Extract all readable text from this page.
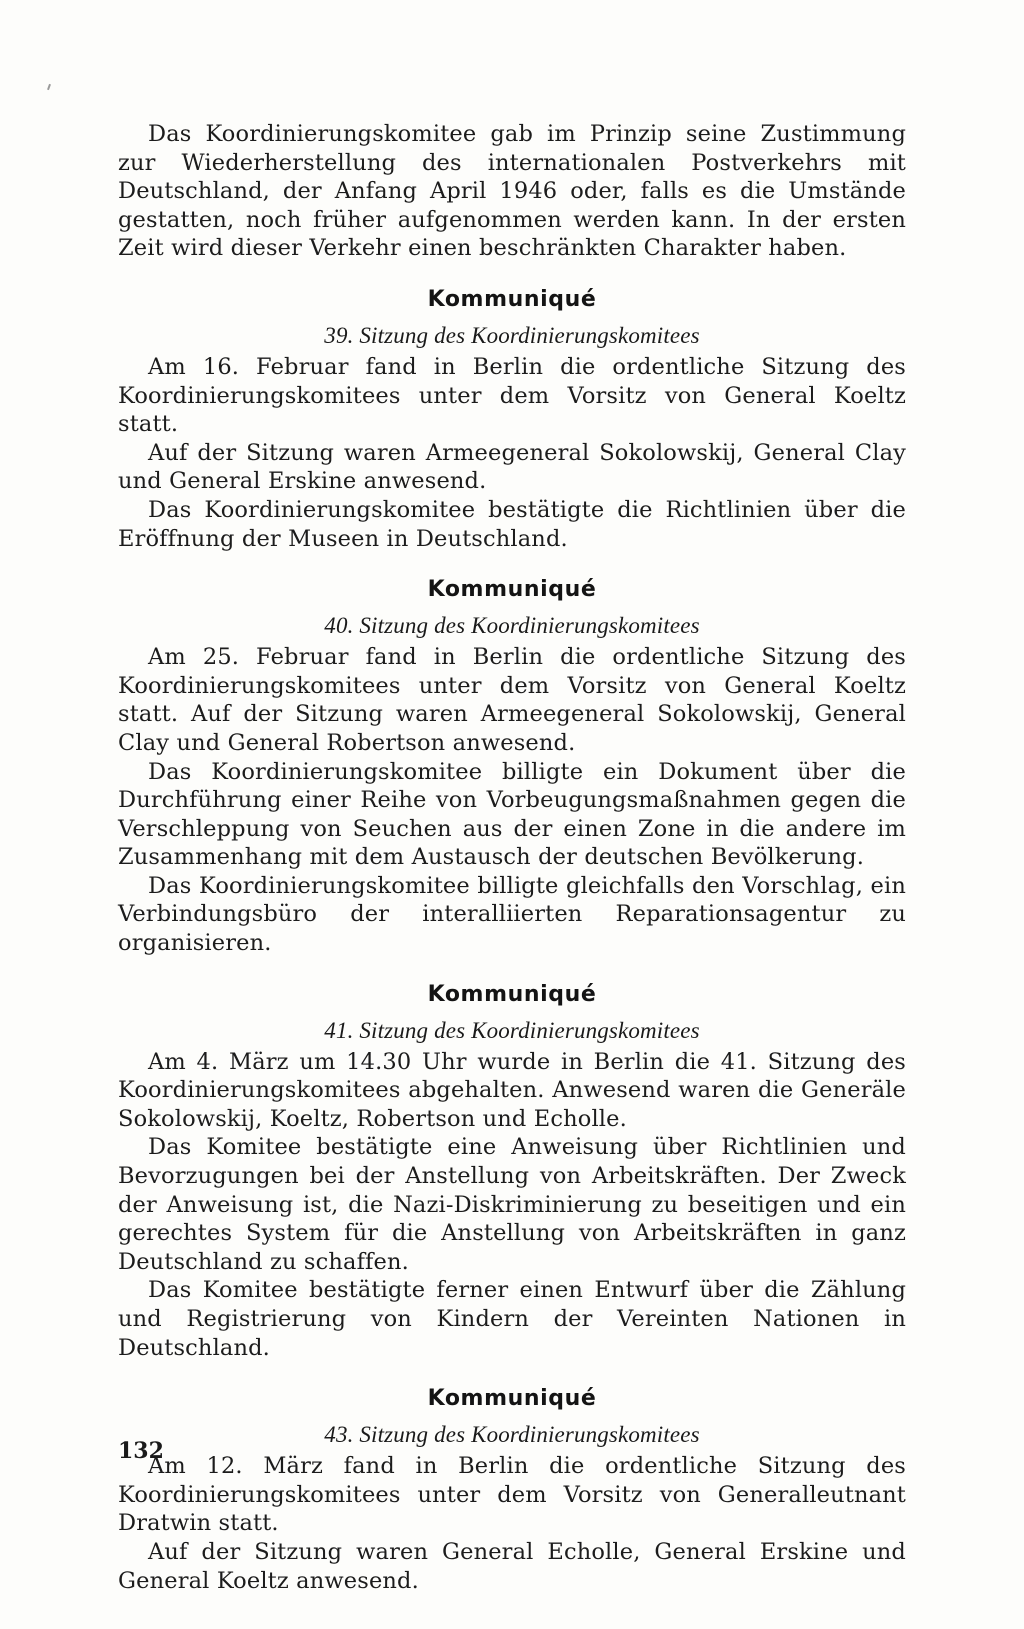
Das Koordinierungskomitee gab im Prinzip seine Zustimmung zur Wiederherstellung des internationalen Postverkehrs mit Deutschland, der Anfang April 1946 oder, falls es die Umstände gestatten, noch früher aufgenommen werden kann. In der ersten Zeit wird dieser Verkehr einen beschränkten Charakter haben.

Kommuniqué
39. Sitzung des Koordinierungskomitees

Am 16. Februar fand in Berlin die ordentliche Sitzung des Koordinierungskomitees unter dem Vorsitz von General Koeltz statt.

Auf der Sitzung waren Armeegeneral Sokolowskij, General Clay und General Erskine anwesend.

Das Koordinierungskomitee bestätigte die Richtlinien über die Eröffnung der Museen in Deutschland.

Kommuniqué
40. Sitzung des Koordinierungskomitees

Am 25. Februar fand in Berlin die ordentliche Sitzung des Koordinierungskomitees unter dem Vorsitz von General Koeltz statt. Auf der Sitzung waren Armeegeneral Sokolowskij, General Clay und General Robertson anwesend.

Das Koordinierungskomitee billigte ein Dokument über die Durchführung einer Reihe von Vorbeugungsmaßnahmen gegen die Verschleppung von Seuchen aus der einen Zone in die andere im Zusammenhang mit dem Austausch der deutschen Bevölkerung.

Das Koordinierungskomitee billigte gleichfalls den Vorschlag, ein Verbindungsbüro der interalliierten Reparationsagentur zu organisieren.

Kommuniqué
41. Sitzung des Koordinierungskomitees

Am 4. März um 14.30 Uhr wurde in Berlin die 41. Sitzung des Koordinierungskomitees abgehalten. Anwesend waren die Generäle Sokolowskij, Koeltz, Robertson und Echolle.

Das Komitee bestätigte eine Anweisung über Richtlinien und Bevorzugungen bei der Anstellung von Arbeitskräften. Der Zweck der Anweisung ist, die Nazi-Diskriminierung zu beseitigen und ein gerechtes System für die Anstellung von Arbeitskräften in ganz Deutschland zu schaffen.

Das Komitee bestätigte ferner einen Entwurf über die Zählung und Registrierung von Kindern der Vereinten Nationen in Deutschland.

Kommuniqué
43. Sitzung des Koordinierungskomitees

Am 12. März fand in Berlin die ordentliche Sitzung des Koordinierungskomitees unter dem Vorsitz von Generalleutnant Dratwin statt.

Auf der Sitzung waren General Echolle, General Erskine und General Koeltz anwesend.

132
